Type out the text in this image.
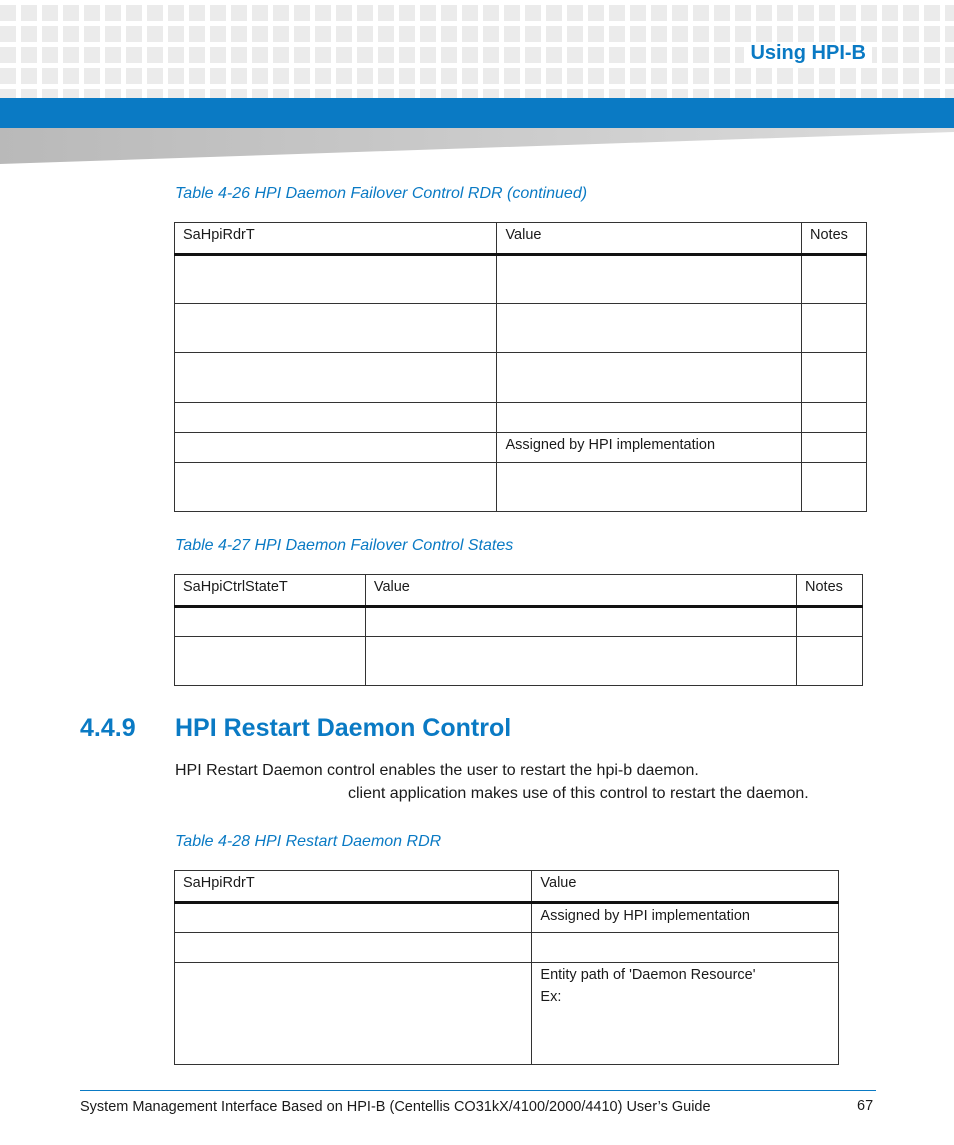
Using HPI-B
Table 4-26 HPI Daemon Failover Control RDR (continued)
SaHpiRdrT	Value	Notes

	Assigned by HPI implementation	

Table 4-27 HPI Daemon Failover Control States
SaHpiCtrlStateT	Value	Notes

4.4.9 HPI Restart Daemon Control
HPI Restart Daemon control enables the user to restart the hpi-b daemon.
client application makes use of this control to restart the daemon.
Table 4-28 HPI Restart Daemon RDR
SaHpiRdrT	Value
	Assigned by HPI implementation

	Entity path of 'Daemon Resource'
Ex:
System Management Interface Based on HPI-B (Centellis CO31kX/4100/2000/4410) User’s Guide	67
